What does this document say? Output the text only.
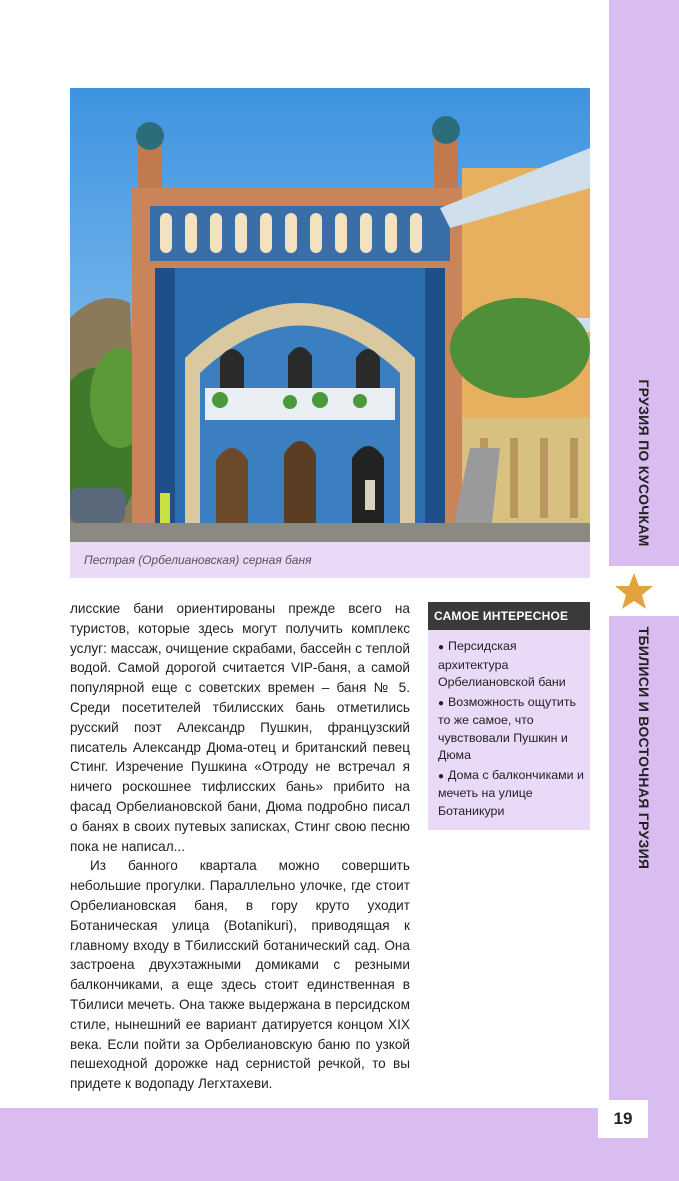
ГРУЗИЯ ПО КУСОЧКАМ
ТБИЛИСИ И ВОСТОЧНАЯ ГРУЗИЯ
Пестрая (Орбелиановская) серная баня

лисские бани ориентированы прежде всего на туристов, которые здесь могут получить комплекс услуг: массаж, очищение скрабами, бассейн с теплой водой. Самой дорогой считается VIP-баня, а самой популярной еще с советских времен – баня № 5. Среди посетителей тбилисских бань отметились русский поэт Александр Пушкин, французский писатель Александр Дюма-отец и британский певец Стинг. Изречение Пушкина «Отроду не встречал я ничего роскошнее тифлисских бань» прибито на фасад Орбелиановской бани, Дюма подробно писал о банях в своих путевых записках, Стинг свою песню пока не написал...

Из банного квартала можно совершить небольшие прогулки. Параллельно улочке, где стоит Орбелиановская баня, в гору круто уходит Ботаническая улица (Botanikuri), приводящая к главному входу в Тбилисский ботанический сад. Она застроена двухэтажными домиками с резными балкончиками, а еще здесь стоит единственная в Тбилиси мечеть. Она также выдержана в персидском стиле, нынешний ее вариант датируется концом XIX века. Если пойти за Орбелиановскую баню по узкой пешеходной дорожке над сернистой речкой, то вы придете к водопаду Легхтахеви.

САМОЕ ИНТЕРЕСНОЕ
● Персидская архитектура Орбелиановской бани
● Возможность ощутить то же самое, что чувствовали Пушкин и Дюма
● Дома с балкончиками и мечеть на улице Ботаникури
19
